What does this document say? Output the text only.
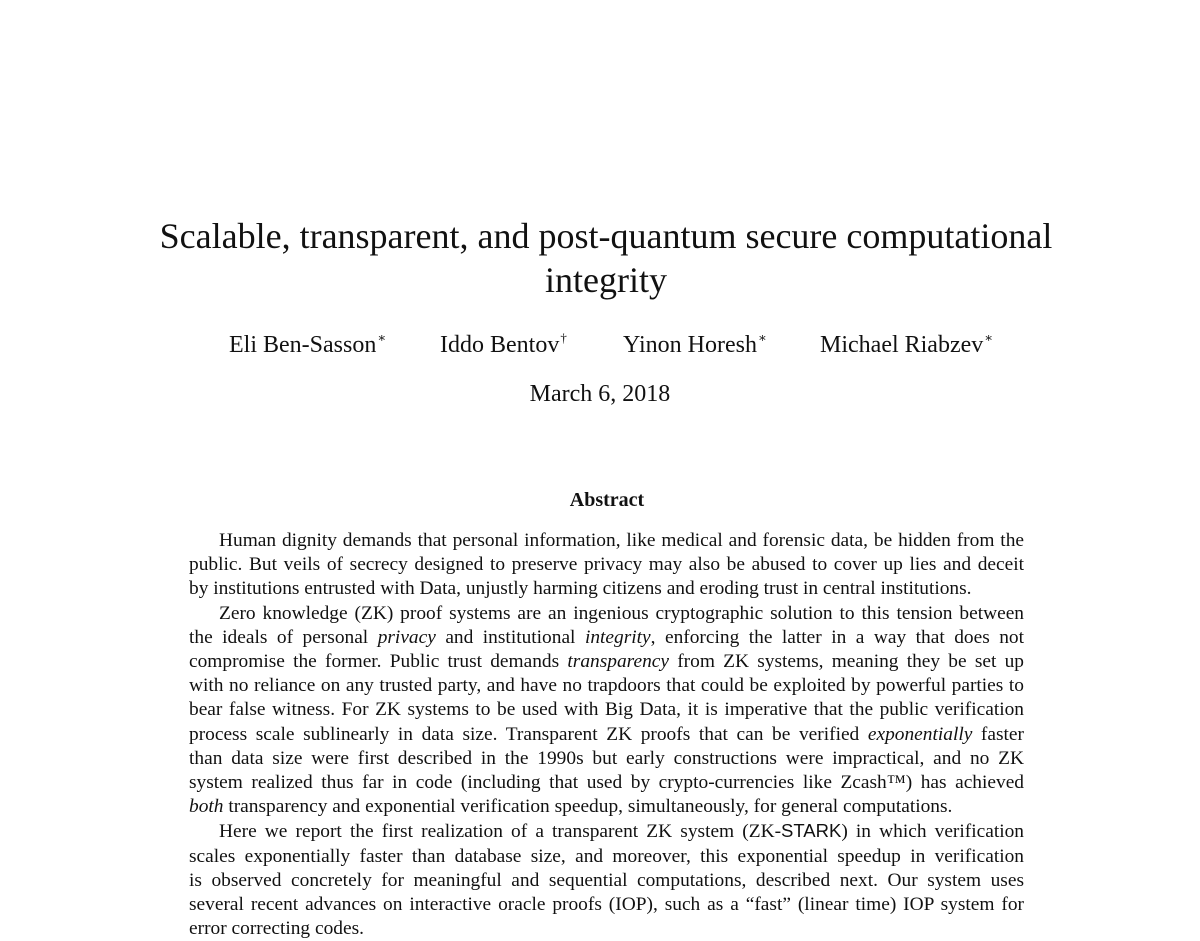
Scalable, transparent, and post-quantum secure computational
integrity
Eli Ben-Sasson∗ Iddo Bentov† Yinon Horesh∗ Michael Riabzev∗
March 6, 2018
Abstract
Human dignity demands that personal information, like medical and forensic data, be hidden from the
public. But veils of secrecy designed to preserve privacy may also be abused to cover up lies and deceit
by institutions entrusted with Data, unjustly harming citizens and eroding trust in central institutions.
Zero knowledge (ZK) proof systems are an ingenious cryptographic solution to this tension between
the ideals of personal privacy and institutional integrity, enforcing the latter in a way that does not
compromise the former. Public trust demands transparency from ZK systems, meaning they be set up
with no reliance on any trusted party, and have no trapdoors that could be exploited by powerful parties to
bear false witness. For ZK systems to be used with Big Data, it is imperative that the public verification
process scale sublinearly in data size. Transparent ZK proofs that can be verified exponentially faster
than data size were first described in the 1990s but early constructions were impractical, and no ZK
system realized thus far in code (including that used by crypto-currencies like Zcash™) has achieved
both transparency and exponential verification speedup, simultaneously, for general computations.
Here we report the first realization of a transparent ZK system (ZK-STARK) in which verification
scales exponentially faster than database size, and moreover, this exponential speedup in verification
is observed concretely for meaningful and sequential computations, described next. Our system uses
several recent advances on interactive oracle proofs (IOP), such as a “fast” (linear time) IOP system for
error correcting codes.
